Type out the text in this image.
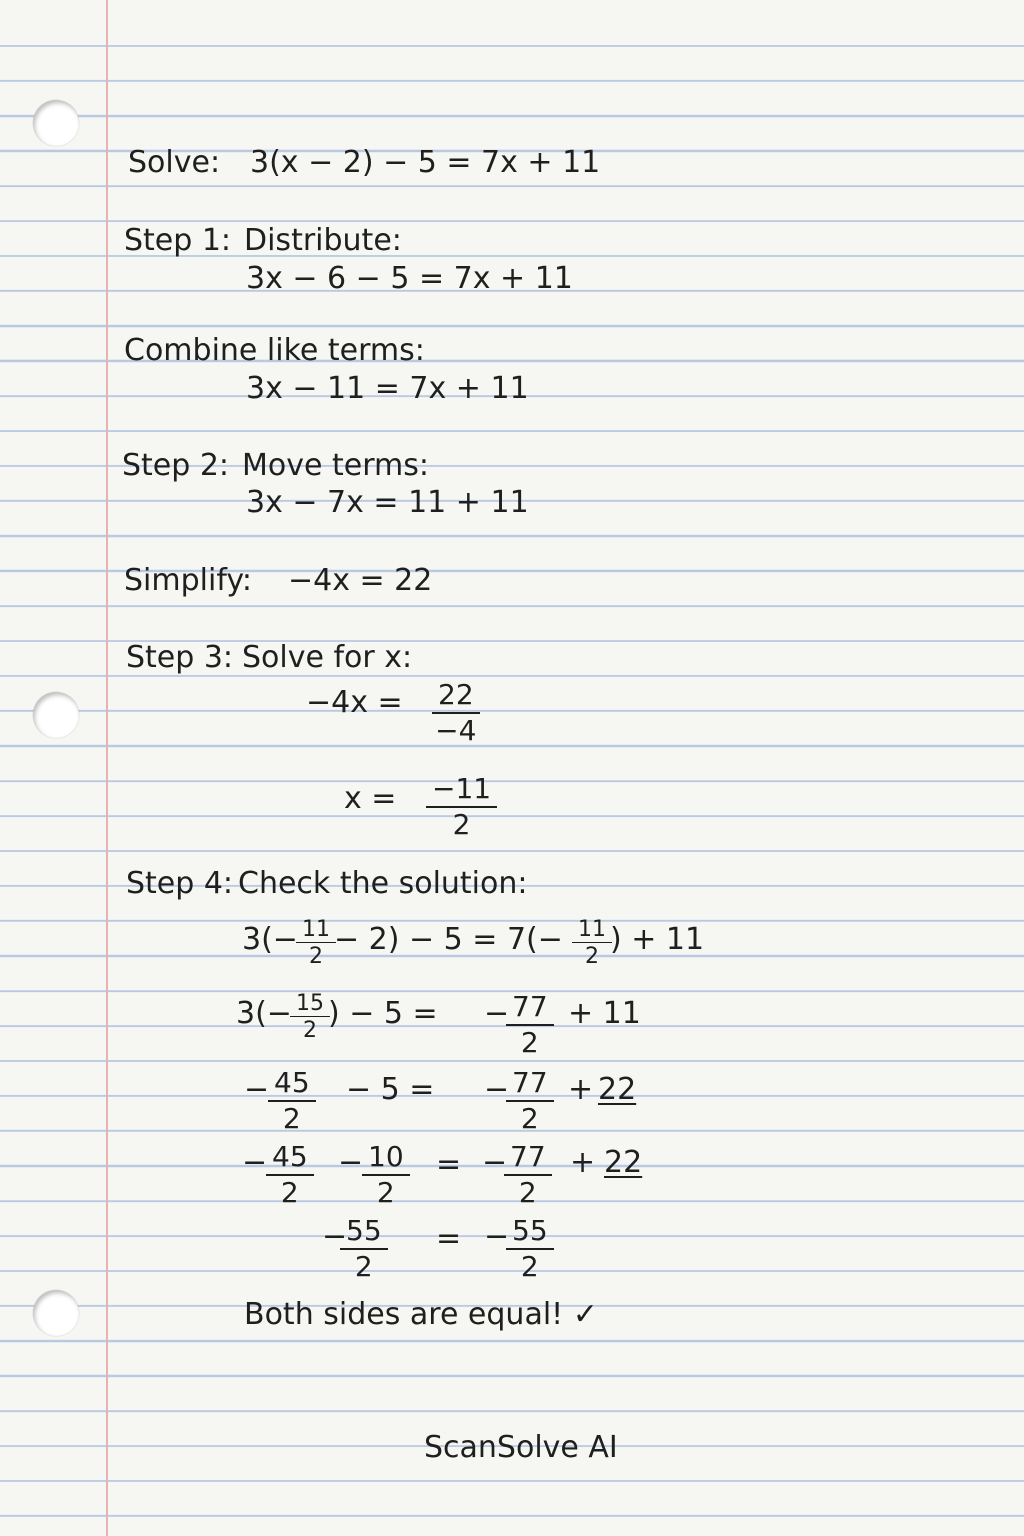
Solve: 3(x − 2) − 5 = 7x + 11
Step 1: Distribute:
3x − 6 − 5 = 7x + 11
Combine like terms:
3x − 11 = 7x + 11
Step 2: Move terms:
3x − 7x = 11 + 11
Simplify: −4x = 22
Step 3: Solve for x:
$-4x = \frac{22}{-4}$
$x = \frac{-11}{2}$
Step 4: Check the solution:
3(−
$\frac{11}{2}$
− $2) - 5 = 7(- \frac{11}{2}$
) + 11
3(−
$\frac{15}{2}$
) − 5 = −
$\frac{77}{2} + 11$
−
$\frac{45}{2} - 5$ = −
$\frac{77}{2} + 22$
−
$\frac{45}{2}$ −
$\frac{10}{2}$ = −
$\frac{77}{2} + 22$
−
$\frac{55}{2}$ = −
$\frac{55}{2}$
Both sides are equal! ✓
ScanSolve AI
